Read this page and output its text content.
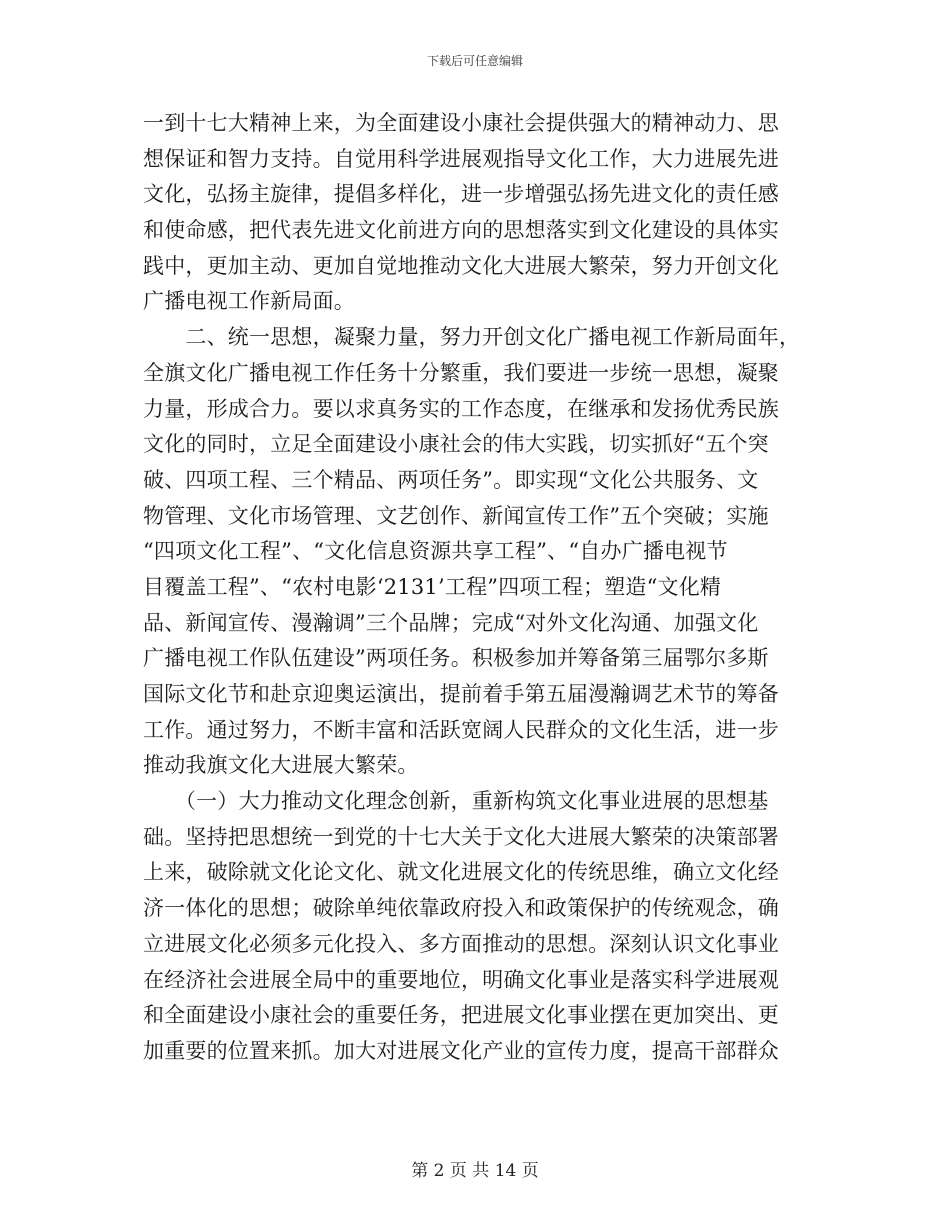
下载后可任意编辑
一到十七大精神上来，为全面建设小康社会提供强大的精神动力、思
想保证和智力支持。自觉用科学进展观指导文化工作，大力进展先进
文化，弘扬主旋律，提倡多样化，进一步增强弘扬先进文化的责任感
和使命感，把代表先进文化前进方向的思想落实到文化建设的具体实
践中，更加主动、更加自觉地推动文化大进展大繁荣，努力开创文化
广播电视工作新局面。
　　二、统一思想，凝聚力量，努力开创文化广播电视工作新局面年，
全旗文化广播电视工作任务十分繁重，我们要进一步统一思想，凝聚
力量，形成合力。要以求真务实的工作态度，在继承和发扬优秀民族
文化的同时，立足全面建设小康社会的伟大实践，切实抓好“五个突
破、四项工程、三个精品、两项任务”。即实现“文化公共服务、文
物管理、文化市场管理、文艺创作、新闻宣传工作”五个突破；实施
“四项文化工程”、“文化信息资源共享工程”、“自办广播电视节
目覆盖工程”、“农村电影‘2131’工程”四项工程；塑造“文化精
品、新闻宣传、漫瀚调”三个品牌；完成“对外文化沟通、加强文化
广播电视工作队伍建设”两项任务。积极参加并筹备第三届鄂尔多斯
国际文化节和赴京迎奥运演出，提前着手第五届漫瀚调艺术节的筹备
工作。通过努力，不断丰富和活跃宽阔人民群众的文化生活，进一步
推动我旗文化大进展大繁荣。
　　（一）大力推动文化理念创新，重新构筑文化事业进展的思想基
础。坚持把思想统一到党的十七大关于文化大进展大繁荣的决策部署
上来，破除就文化论文化、就文化进展文化的传统思维，确立文化经
济一体化的思想；破除单纯依靠政府投入和政策保护的传统观念，确
立进展文化必须多元化投入、多方面推动的思想。深刻认识文化事业
在经济社会进展全局中的重要地位，明确文化事业是落实科学进展观
和全面建设小康社会的重要任务，把进展文化事业摆在更加突出、更
加重要的位置来抓。加大对进展文化产业的宣传力度，提高干部群众
第 2 页 共 14 页
